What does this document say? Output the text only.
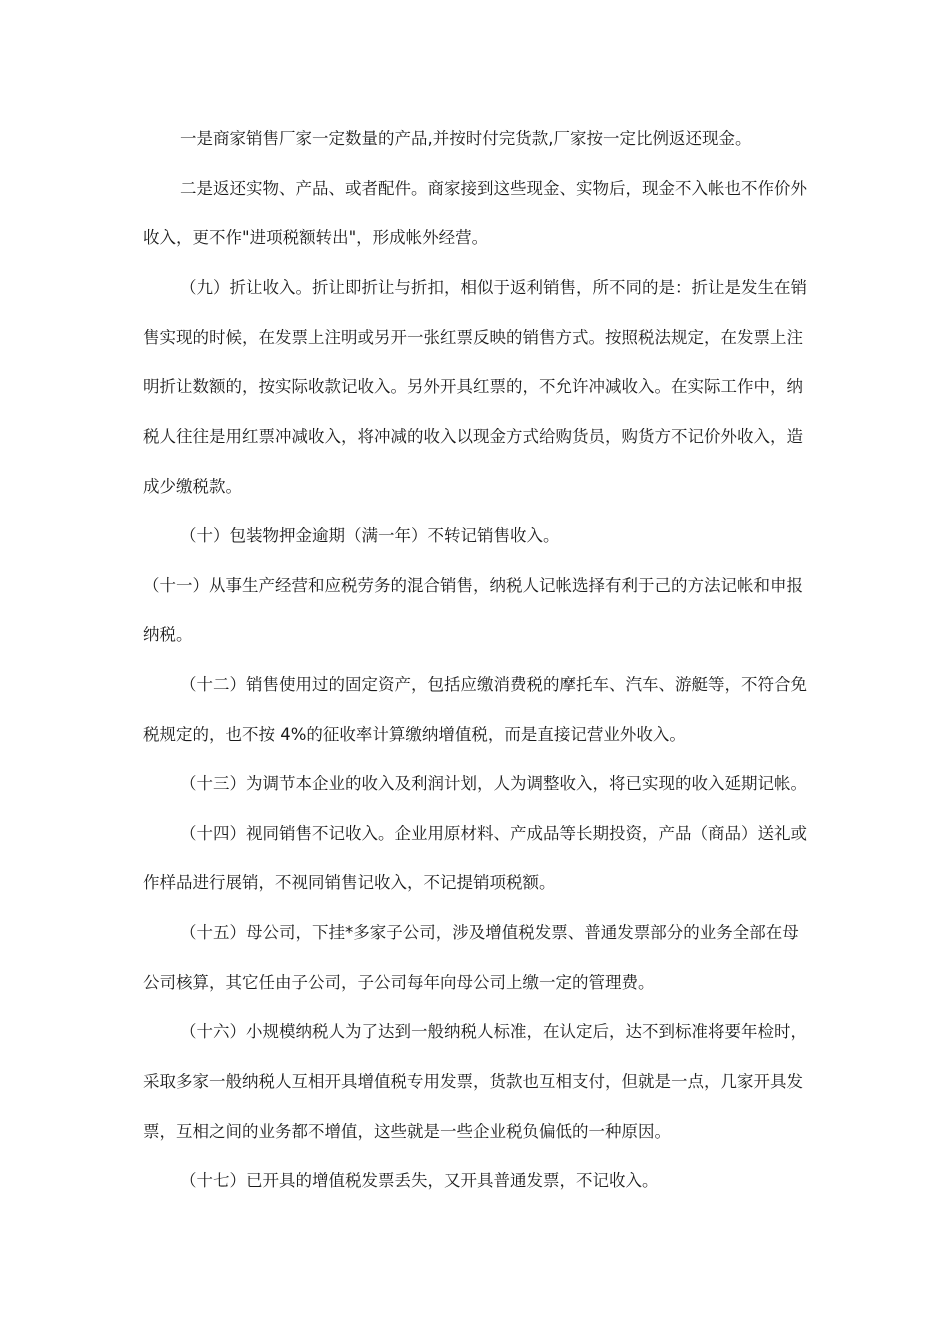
一是商家销售厂家一定数量的产品,并按时付完货款,厂家按一定比例返还现金。
二是返还实物、产品、或者配件。商家接到这些现金、实物后，现金不入帐也不作价外
收入，更不作"进项税额转出"，形成帐外经营。
（九）折让收入。折让即折让与折扣，相似于返利销售，所不同的是：折让是发生在销
售实现的时候，在发票上注明或另开一张红票反映的销售方式。按照税法规定，在发票上注
明折让数额的，按实际收款记收入。另外开具红票的，不允许冲减收入。在实际工作中，纳
税人往往是用红票冲减收入，将冲减的收入以现金方式给购货员，购货方不记价外收入，造
成少缴税款。
（十）包装物押金逾期（满一年）不转记销售收入。
（十一）从事生产经营和应税劳务的混合销售，纳税人记帐选择有利于己的方法记帐和申报
纳税。
（十二）销售使用过的固定资产，包括应缴消费税的摩托车、汽车、游艇等，不符合免
税规定的，也不按 4%的征收率计算缴纳增值税，而是直接记营业外收入。
（十三）为调节本企业的收入及利润计划，人为调整收入，将已实现的收入延期记帐。
（十四）视同销售不记收入。企业用原材料、产成品等长期投资，产品（商品）送礼或
作样品进行展销，不视同销售记收入，不记提销项税额。
（十五）母公司，下挂*多家子公司，涉及增值税发票、普通发票部分的业务全部在母
公司核算，其它任由子公司，子公司每年向母公司上缴一定的管理费。
（十六）小规模纳税人为了达到一般纳税人标准，在认定后，达不到标准将要年检时，
采取多家一般纳税人互相开具增值税专用发票，货款也互相支付，但就是一点，几家开具发
票，互相之间的业务都不增值，这些就是一些企业税负偏低的一种原因。
（十七）已开具的增值税发票丢失，又开具普通发票，不记收入。
